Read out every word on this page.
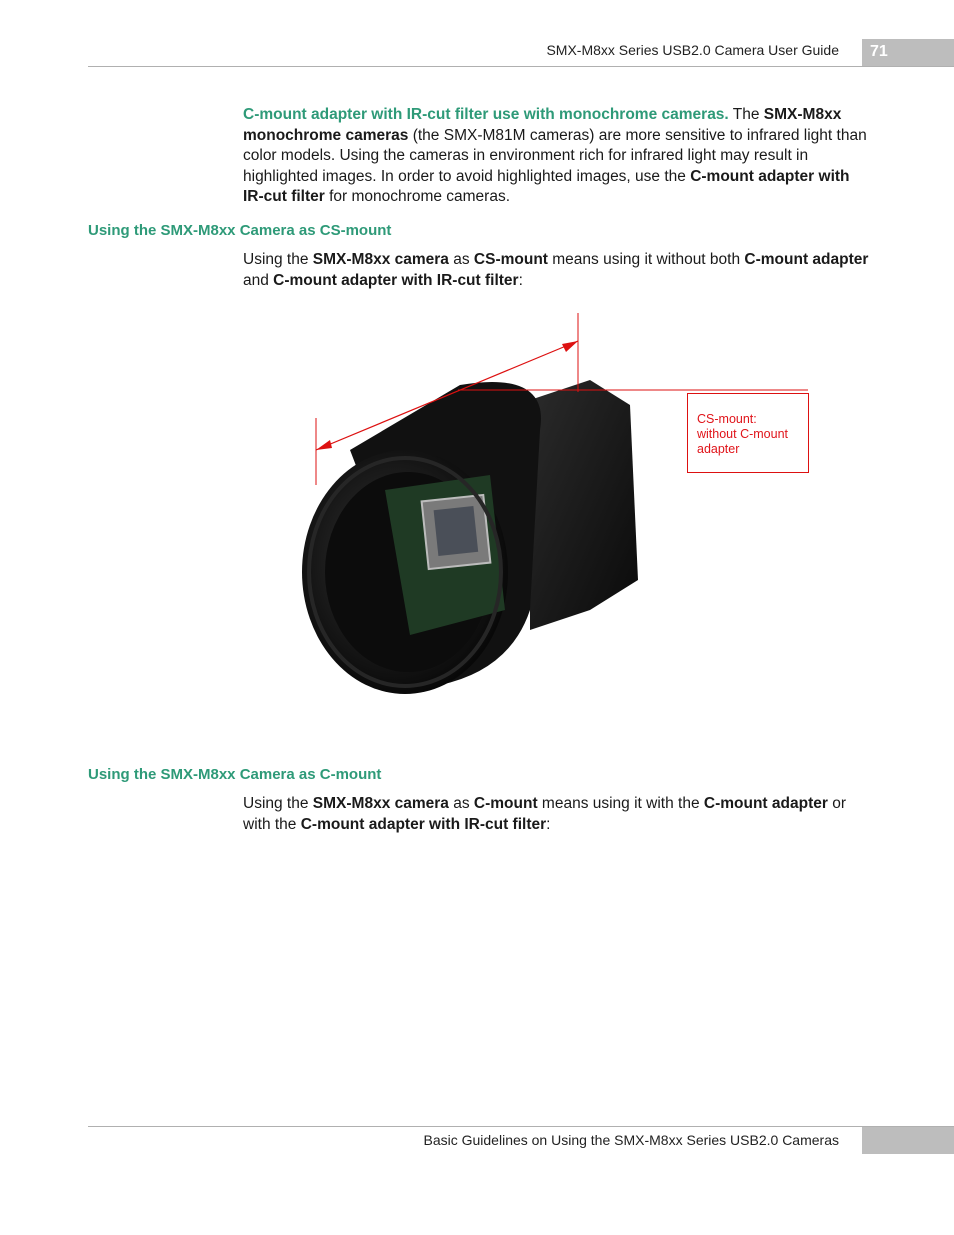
SMX-M8xx Series USB2.0 Camera User Guide	71
C-mount adapter with IR-cut filter use with monochrome cameras. The SMX-M8xx monochrome cameras (the SMX-M81M cameras) are more sensitive to infrared light than color models. Using the cameras in environment rich for infrared light may result in highlighted images. In order to avoid highlighted images, use the C-mount adapter with IR-cut filter for monochrome cameras.
Using the SMX-M8xx Camera as CS-mount
Using the SMX-M8xx camera as CS-mount means using it without both C-mount adapter and C-mount adapter with IR-cut filter:
CS-mount:
without C-mount
adapter
Using the SMX-M8xx Camera as C-mount
Using the SMX-M8xx camera as C-mount means using it with the C-mount adapter or with the C-mount adapter with IR-cut filter:
Basic Guidelines on Using the SMX-M8xx Series USB2.0 Cameras
